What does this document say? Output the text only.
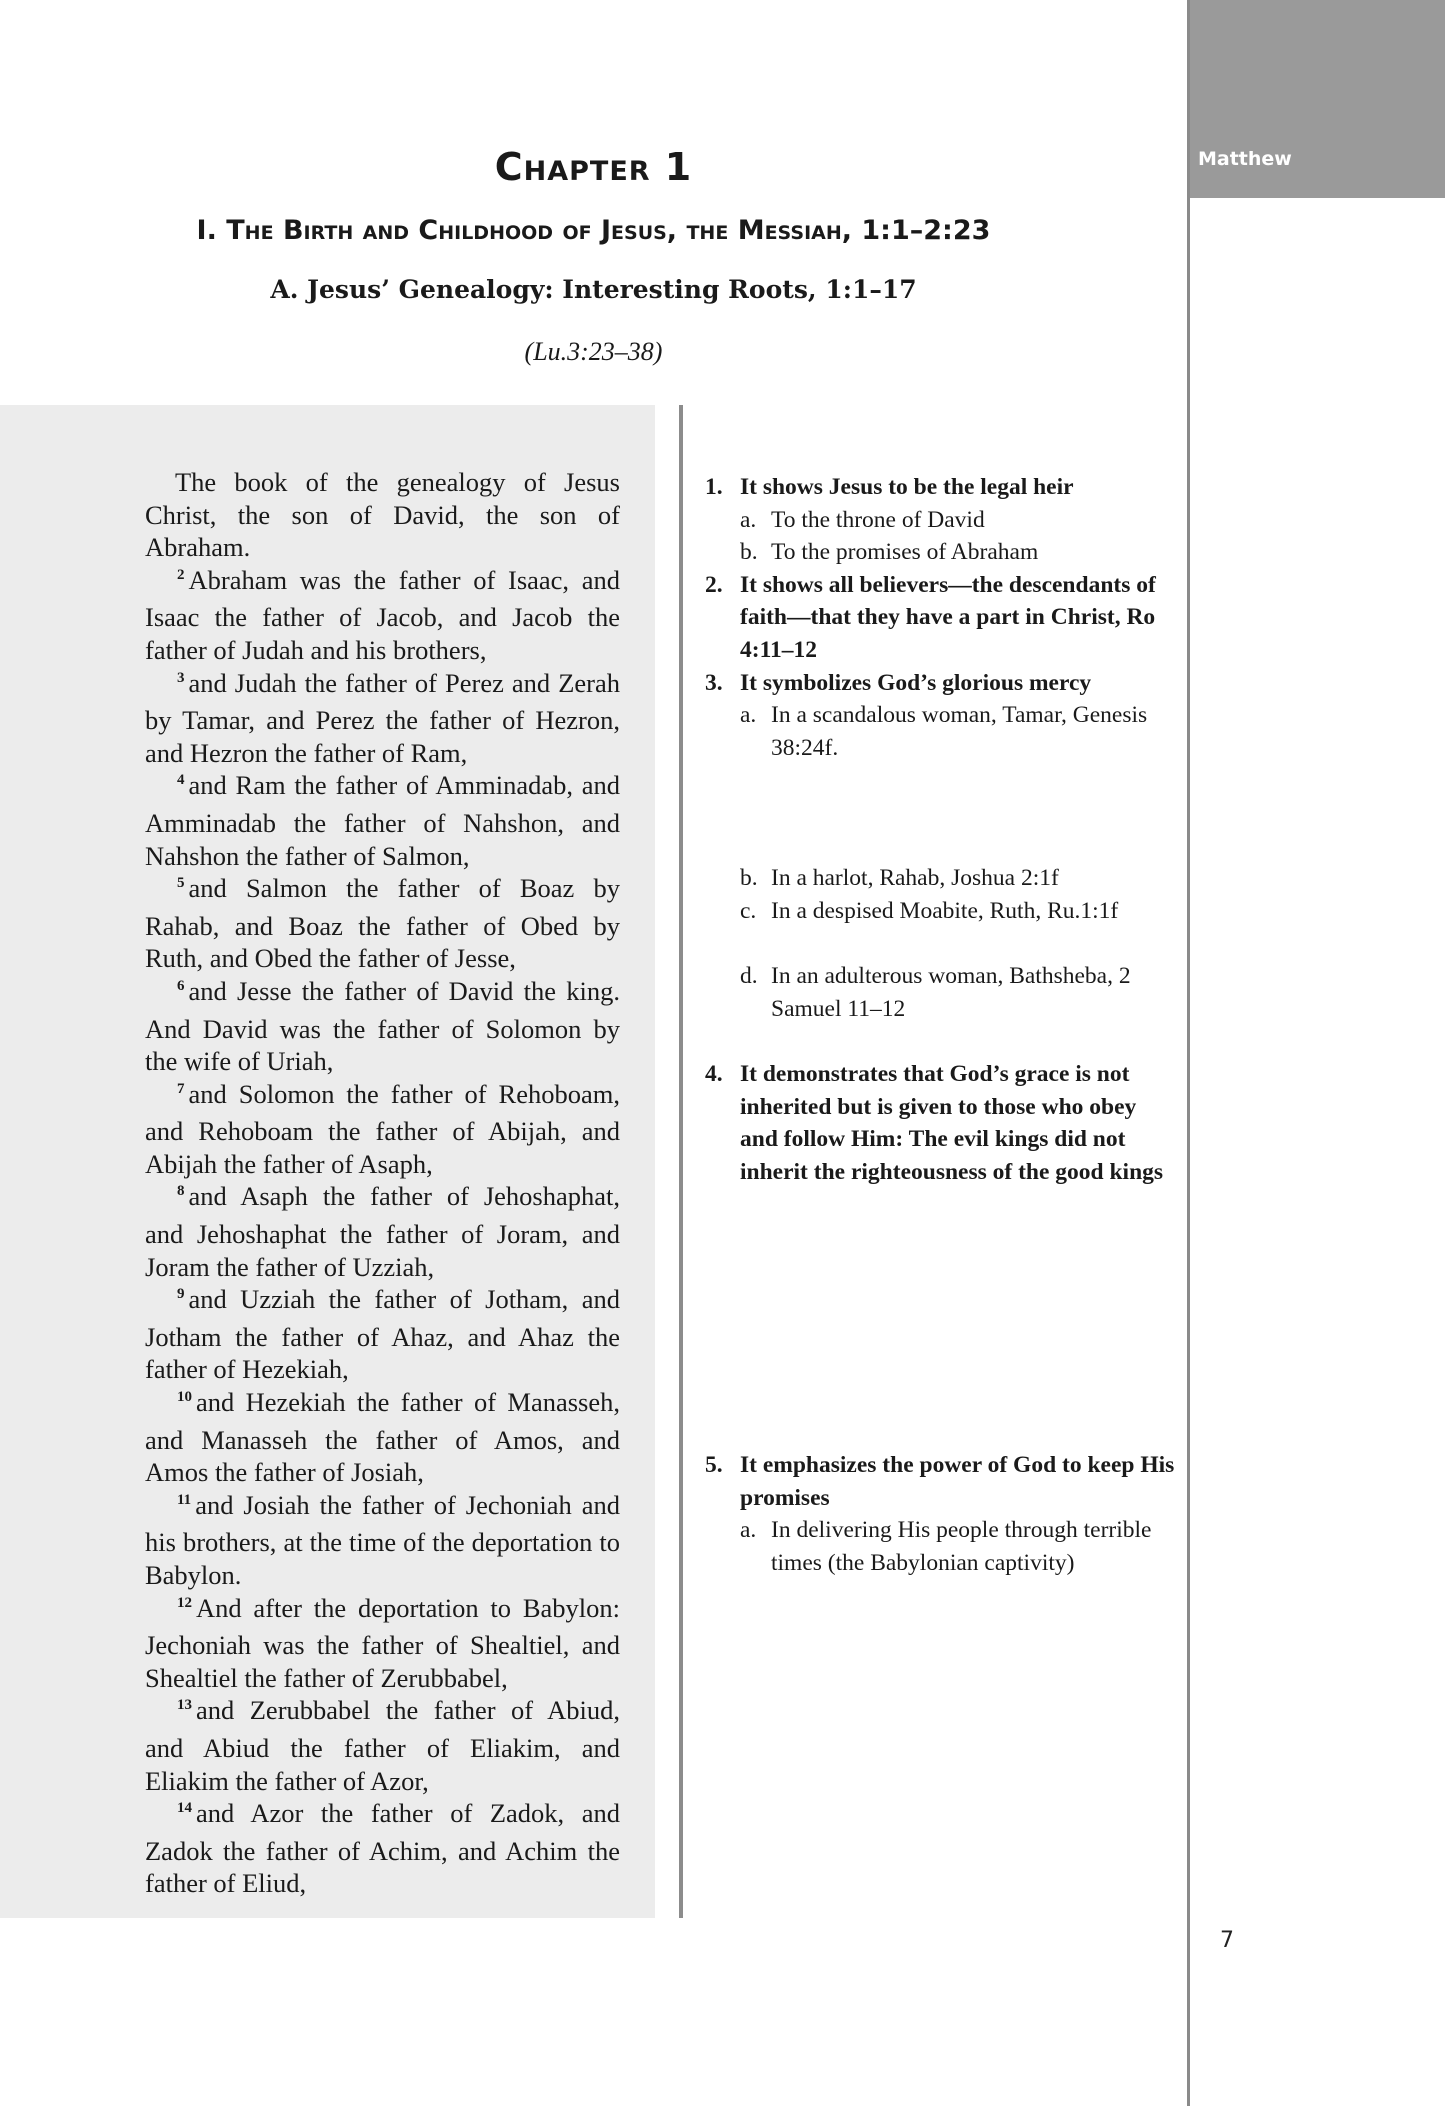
Matthew
7
Chapter 1
I. The Birth and Childhood of Jesus, the Messiah, 1:1–2:23
A. Jesus’ Genealogy: Interesting Roots, 1:1–17
(Lu.3:23–38)

The book of the genealogy of Jesus Christ, the son of David, the son of Abraham.

$^2$ Abraham was the father of Isaac, and Isaac the father of Jacob, and Jacob the father of Judah and his brothers,

$^3$ and Judah the father of Perez and Zerah by Tamar, and Perez the father of Hezron, and Hezron the father of Ram,

$^4$ and Ram the father of Amminadab, and Amminadab the father of Nahshon, and Nahshon the father of Salmon,

$^5$ and Salmon the father of Boaz by Rahab, and Boaz the father of Obed by Ruth, and Obed the father of Jesse,

$^6$ and Jesse the father of David the king. And David was the father of Solomon by the wife of Uriah,

$^7$ and Solomon the father of Rehoboam, and Rehoboam the father of Abijah, and Abijah the father of Asaph,

$^8$ and Asaph the father of Jehoshaphat, and Jehoshaphat the father of Joram, and Joram the father of Uzziah,

$^9$ and Uzziah the father of Jotham, and Jotham the father of Ahaz, and Ahaz the father of Hezekiah,

$^{10}$ and Hezekiah the father of Manasseh, and Manasseh the father of Amos, and Amos the father of Josiah,

$^{11}$ and Josiah the father of Jechoniah and his brothers, at the time of the deportation to Babylon.

$^{12}$ And after the deportation to Babylon: Jechoniah was the father of Shealtiel, and Shealtiel the father of Zerubbabel,

$^{13}$ and Zerubbabel the father of Abiud, and Abiud the father of Eliakim, and Eliakim the father of Azor,

$^{14}$ and Azor the father of Zadok, and Zadok the father of Achim, and Achim the father of Eliud,

1. It shows Jesus to be the legal heir

a. To the throne of David

b. To the promises of Abraham

2. It shows all believers—the descendants of faith—that they have a part in Christ, Ro 4:11–12

3. It symbolizes God’s glorious mercy

a. In a scandalous woman, Tamar, Genesis 38:24f.

b. In a harlot, Rahab, Joshua 2:1f

c. In a despised Moabite, Ruth, Ru.1:1f

d. In an adulterous woman, Bathsheba, 2 Samuel 11–12

4. It demonstrates that God’s grace is not inherited but is given to those who obey and follow Him: The evil kings did not inherit the righteousness of the good kings

5. It emphasizes the power of God to keep His promises

a. In delivering His people through terrible times (the Babylonian captivity)
